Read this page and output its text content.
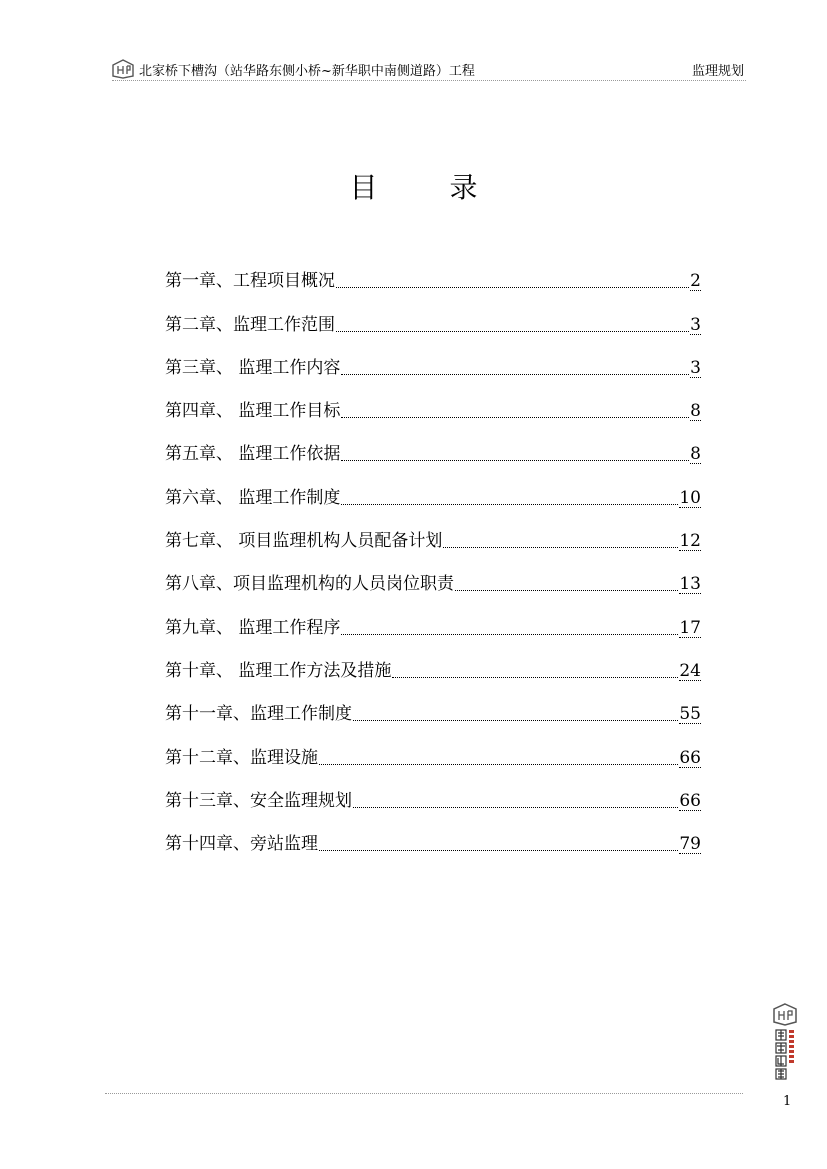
北家桥下槽沟（站华路东侧小桥~新华职中南侧道路）工程	监理规划
目录
第一章、工程项目概况	2
第二章、监理工作范围	3
第三章、 监理工作内容	3
第四章、 监理工作目标	8
第五章、 监理工作依据	8
第六章、 监理工作制度	10
第七章、 项目监理机构人员配备计划	12
第八章、项目监理机构的人员岗位职责	13
第九章、 监理工作程序	17
第十章、 监理工作方法及措施	24
第十一章、监理工作制度	55
第十二章、监理设施	66
第十三章、安全监理规划	66
第十四章、旁站监理	79
1
